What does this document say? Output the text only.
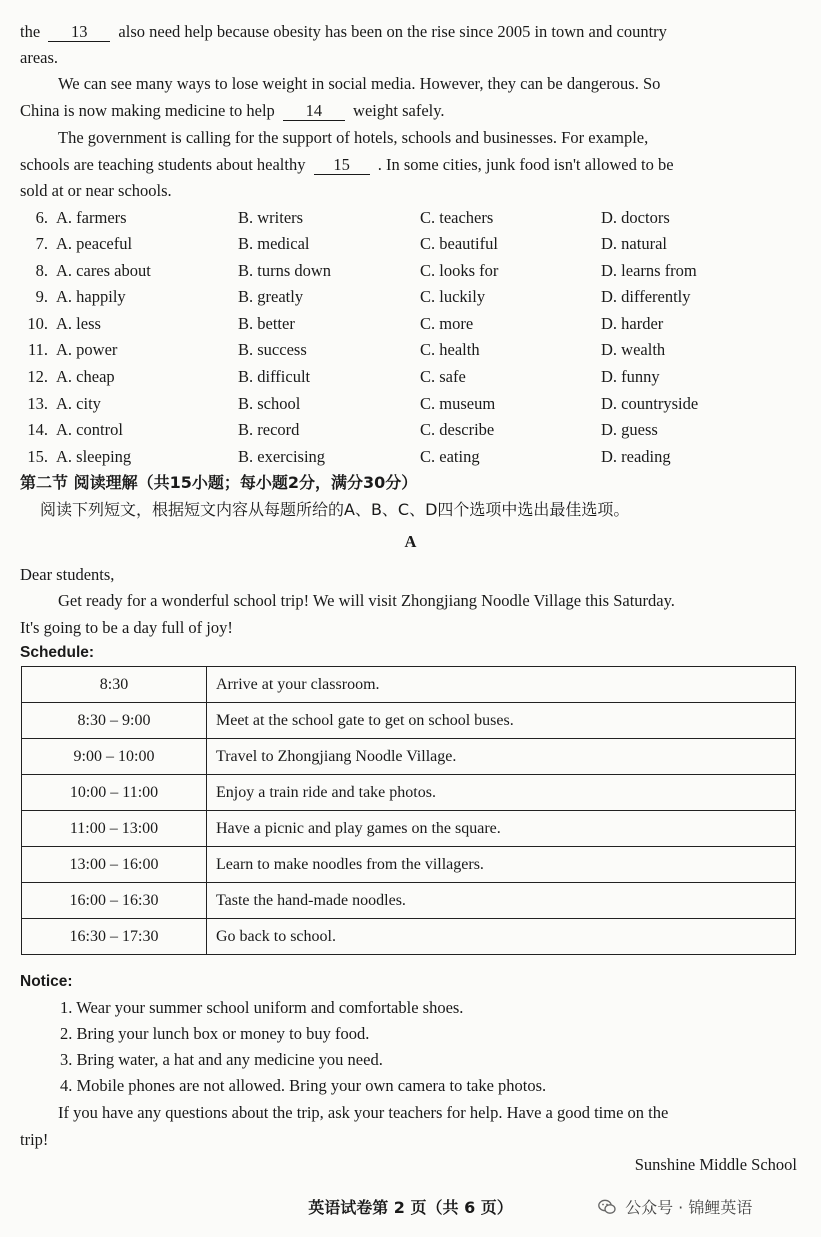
the 13 also need help because obesity has been on the rise since 2005 in town and country
areas.
We can see many ways to lose weight in social media. However, they can be dangerous. So
China is now making medicine to help 14 weight safely.
The government is calling for the support of hotels, schools and businesses. For example,
schools are teaching students about healthy 15 . In some cities, junk food isn't allowed to be
sold at or near schools.
6. A. farmers	B. writers	C. teachers	D. doctors
7. A. peaceful	B. medical	C. beautiful	D. natural
8. A. cares about	B. turns down	C. looks for	D. learns from
9. A. happily	B. greatly	C. luckily	D. differently
10. A. less	B. better	C. more	D. harder
11. A. power	B. success	C. health	D. wealth
12. A. cheap	B. difficult	C. safe	D. funny
13. A. city	B. school	C. museum	D. countryside
14. A. control	B. record	C. describe	D. guess
15. A. sleeping	B. exercising	C. eating	D. reading
第二节 阅读理解（共15小题；每小题2分，满分30分）
阅读下列短文，根据短文内容从每题所给的A、B、C、D四个选项中选出最佳选项。
A
Dear students,
Get ready for a wonderful school trip! We will visit Zhongjiang Noodle Village this Saturday.
It's going to be a day full of joy!
Schedule:
8:30	Arrive at your classroom.
8:30 – 9:00	Meet at the school gate to get on school buses.
9:00 – 10:00	Travel to Zhongjiang Noodle Village.
10:00 – 11:00	Enjoy a train ride and take photos.
11:00 – 13:00	Have a picnic and play games on the square.
13:00 – 16:00	Learn to make noodles from the villagers.
16:00 – 16:30	Taste the hand-made noodles.
16:30 – 17:30	Go back to school.
Notice:
1. Wear your summer school uniform and comfortable shoes.
2. Bring your lunch box or money to buy food.
3. Bring water, a hat and any medicine you need.
4. Mobile phones are not allowed. Bring your own camera to take photos.
If you have any questions about the trip, ask your teachers for help. Have a good time on the
trip!
Sunshine Middle School
英语试卷第 2 页（共 6 页）	公众号 · 锦鲤英语
